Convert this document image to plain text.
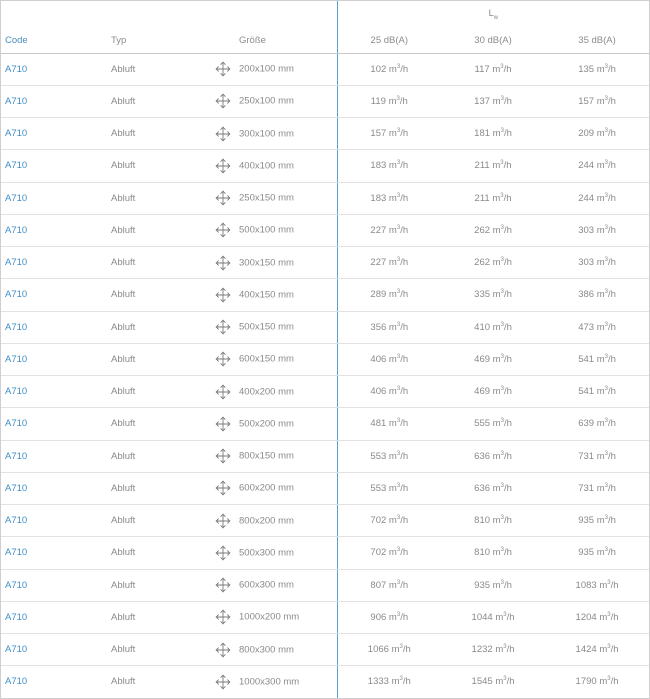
			$L_w$
Code	Typ	Größe	25 dB(A)	30 dB(A)	35 dB(A)
A710	Abluft	200x100 mm	102 $m^3/h$	117 $m^3/h$	135 $m^3/h$
A710	Abluft	250x100 mm	119 $m^3/h$	137 $m^3/h$	157 $m^3/h$
A710	Abluft	300x100 mm	157 $m^3/h$	181 $m^3/h$	209 $m^3/h$
A710	Abluft	400x100 mm	183 $m^3/h$	211 $m^3/h$	244 $m^3/h$
A710	Abluft	250x150 mm	183 $m^3/h$	211 $m^3/h$	244 $m^3/h$
A710	Abluft	500x100 mm	227 $m^3/h$	262 $m^3/h$	303 $m^3/h$
A710	Abluft	300x150 mm	227 $m^3/h$	262 $m^3/h$	303 $m^3/h$
A710	Abluft	400x150 mm	289 $m^3/h$	335 $m^3/h$	386 $m^3/h$
A710	Abluft	500x150 mm	356 $m^3/h$	410 $m^3/h$	473 $m^3/h$
A710	Abluft	600x150 mm	406 $m^3/h$	469 $m^3/h$	541 $m^3/h$
A710	Abluft	400x200 mm	406 $m^3/h$	469 $m^3/h$	541 $m^3/h$
A710	Abluft	500x200 mm	481 $m^3/h$	555 $m^3/h$	639 $m^3/h$
A710	Abluft	800x150 mm	553 $m^3/h$	636 $m^3/h$	731 $m^3/h$
A710	Abluft	600x200 mm	553 $m^3/h$	636 $m^3/h$	731 $m^3/h$
A710	Abluft	800x200 mm	702 $m^3/h$	810 $m^3/h$	935 $m^3/h$
A710	Abluft	500x300 mm	702 $m^3/h$	810 $m^3/h$	935 $m^3/h$
A710	Abluft	600x300 mm	807 $m^3/h$	935 $m^3/h$	1083 $m^3/h$
A710	Abluft	1000x200 mm	906 $m^3/h$	1044 $m^3/h$	1204 $m^3/h$
A710	Abluft	800x300 mm	1066 $m^3/h$	1232 $m^3/h$	1424 $m^3/h$
A710	Abluft	1000x300 mm	1333 $m^3/h$	1545 $m^3/h$	1790 $m^3/h$
